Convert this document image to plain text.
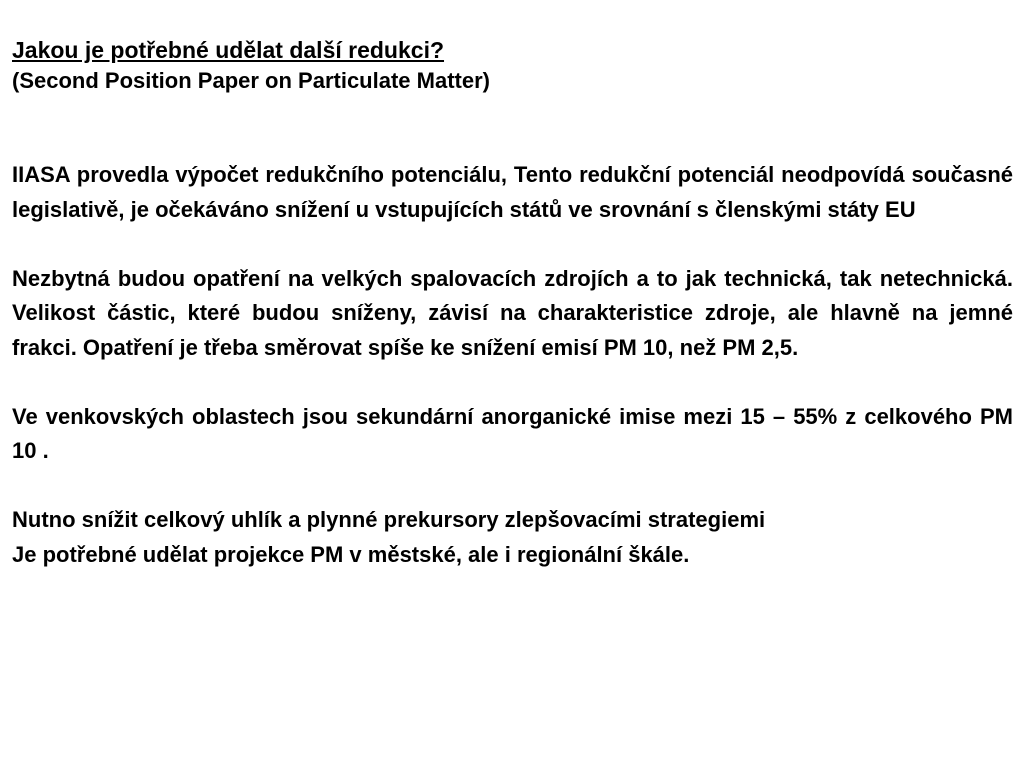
Jakou je potřebné udělat další redukci?
(Second Position Paper on Particulate Matter)

IIASA provedla výpočet redukčního potenciálu, Tento redukční potenciál neodpovídá současné legislativě, je očekáváno snížení u vstupujících států ve srovnání s členskými státy EU

Nezbytná budou opatření na velkých spalovacích zdrojích a to jak technická, tak netechnická. Velikost částic, které budou sníženy, závisí na charakteristice zdroje, ale hlavně na jemné frakci. Opatření je třeba směrovat spíše ke snížení emisí PM 10, než PM 2,5.

Ve venkovských oblastech jsou sekundární anorganické imise mezi 15 – 55% z celkového PM 10 .

Nutno snížit celkový uhlík a plynné prekursory zlepšovacími strategiemi

Je potřebné udělat projekce PM v městské, ale i regionální škále.
